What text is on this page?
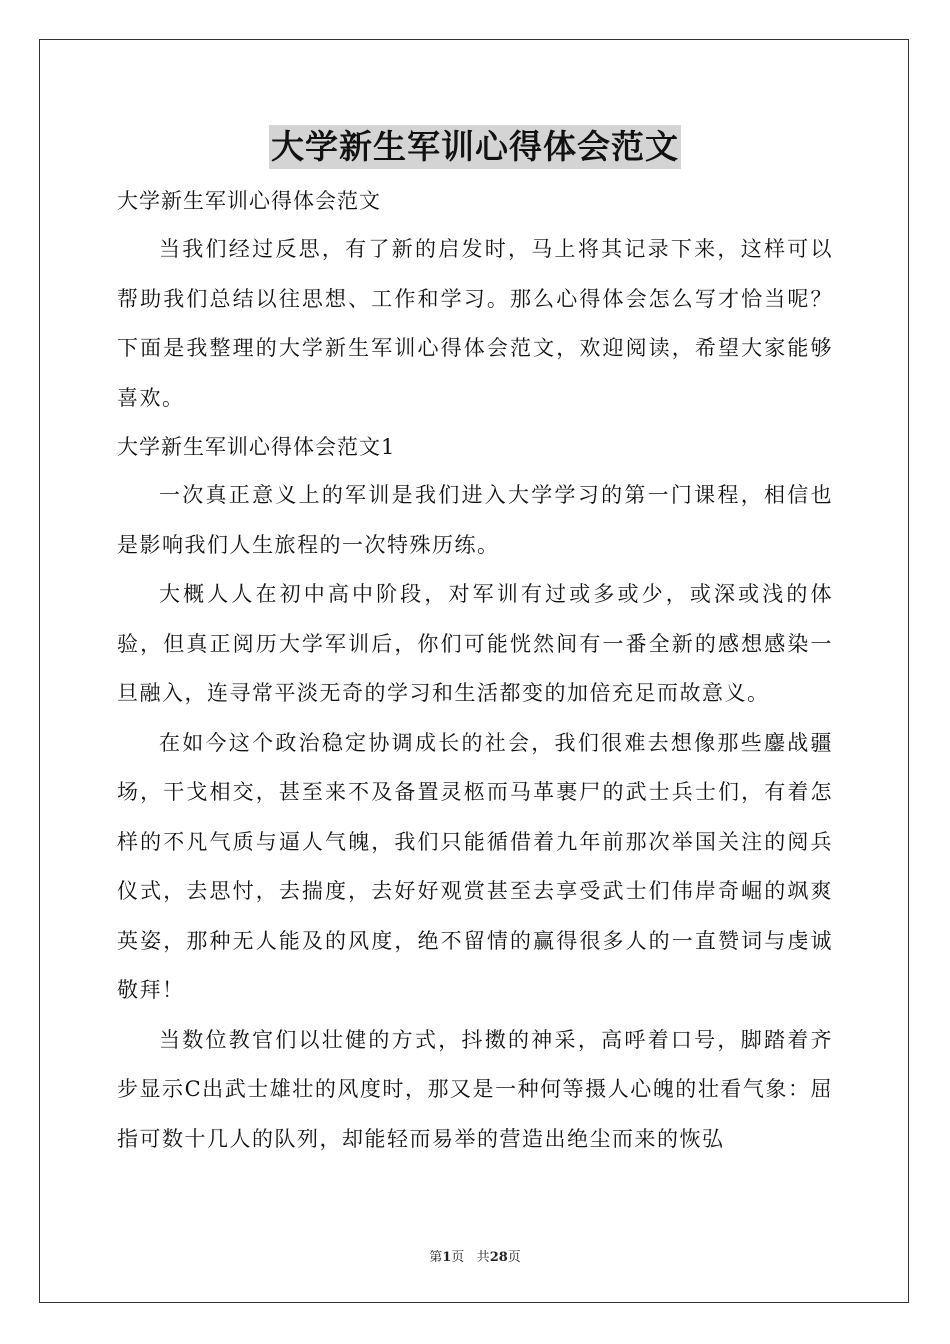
大学新生军训心得体会范文

大学新生军训心得体会范文

当我们经过反思，有了新的启发时，马上将其记录下来，这样可以帮助我们总结以往思想、工作和学习。那么心得体会怎么写才恰当呢？下面是我整理的大学新生军训心得体会范文，欢迎阅读，希望大家能够喜欢。

大学新生军训心得体会范文1

一次真正意义上的军训是我们进入大学学习的第一门课程，相信也是影响我们人生旅程的一次特殊历练。

大概人人在初中高中阶段，对军训有过或多或少，或深或浅的体验，但真正阅历大学军训后，你们可能恍然间有一番全新的感想感染一旦融入，连寻常平淡无奇的学习和生活都变的加倍充足而故意义。

在如今这个政治稳定协调成长的社会，我们很难去想像那些鏖战疆场，干戈相交，甚至来不及备置灵柩而马革裹尸的武士兵士们，有着怎样的不凡气质与逼人气魄，我们只能循借着九年前那次举国关注的阅兵仪式，去思忖，去揣度，去好好观赏甚至去享受武士们伟岸奇崛的飒爽英姿，那种无人能及的风度，绝不留情的赢得很多人的一直赞词与虔诚敬拜！

当数位教官们以壮健的方式，抖擞的神采，高呼着口号，脚踏着齐步显示C出武士雄壮的风度时，那又是一种何等摄人心魄的壮看气象：屈指可数十几人的队列，却能轻而易举的营造出绝尘而来的恢弘

第1页 共28页
